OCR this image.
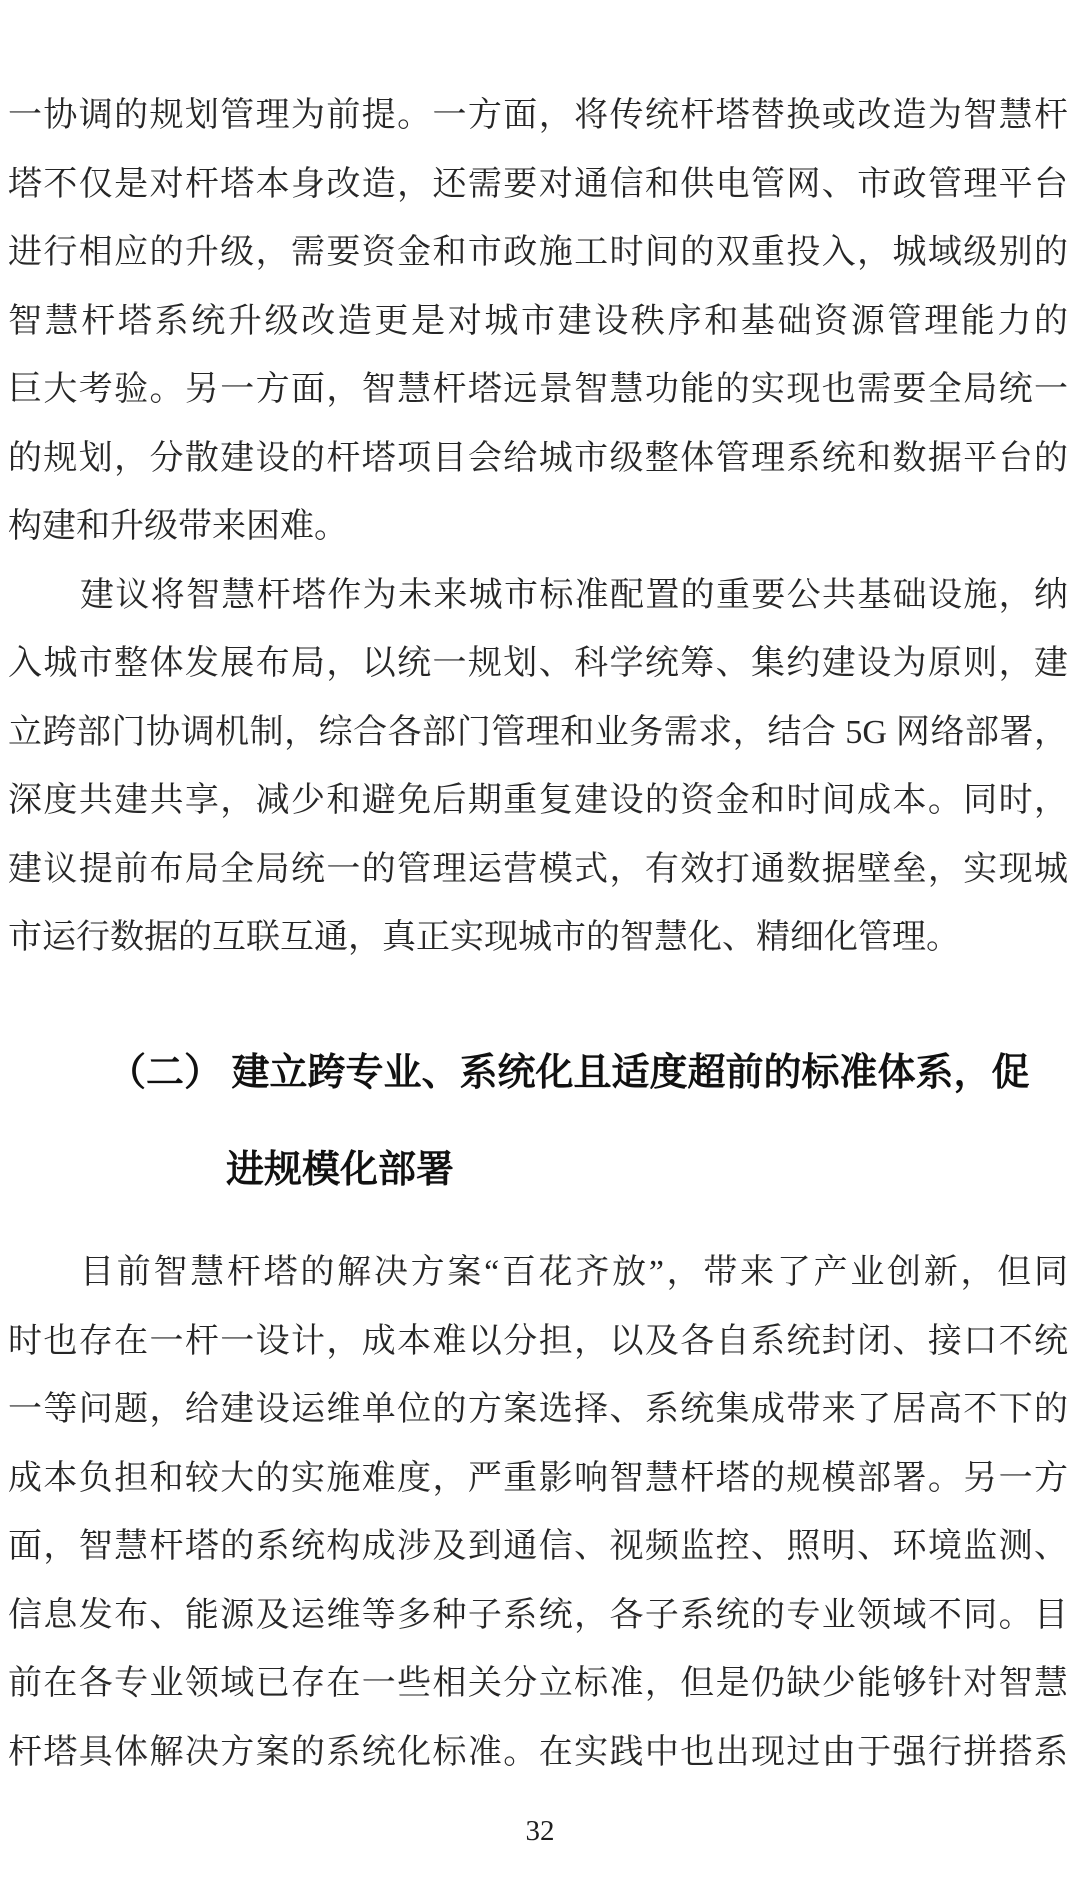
一协调的规划管理为前提。一方面，将传统杆塔替换或改造为智慧杆
塔不仅是对杆塔本身改造，还需要对通信和供电管网、市政管理平台
进行相应的升级，需要资金和市政施工时间的双重投入，城域级别的
智慧杆塔系统升级改造更是对城市建设秩序和基础资源管理能力的
巨大考验。另一方面，智慧杆塔远景智慧功能的实现也需要全局统一
的规划，分散建设的杆塔项目会给城市级整体管理系统和数据平台的
构建和升级带来困难。
建议将智慧杆塔作为未来城市标准配置的重要公共基础设施，纳
入城市整体发展布局，以统一规划、科学统筹、集约建设为原则，建
立跨部门协调机制，综合各部门管理和业务需求，结合 5G 网络部署，
深度共建共享，减少和避免后期重复建设的资金和时间成本。同时，
建议提前布局全局统一的管理运营模式，有效打通数据壁垒，实现城
市运行数据的互联互通，真正实现城市的智慧化、精细化管理。
（二） 建立跨专业、系统化且适度超前的标准体系，促
进规模化部署
目前智慧杆塔的解决方案“百花齐放”，带来了产业创新，但同
时也存在一杆一设计，成本难以分担，以及各自系统封闭、接口不统
一等问题，给建设运维单位的方案选择、系统集成带来了居高不下的
成本负担和较大的实施难度，严重影响智慧杆塔的规模部署。另一方
面，智慧杆塔的系统构成涉及到通信、视频监控、照明、环境监测、
信息发布、能源及运维等多种子系统，各子系统的专业领域不同。目
前在各专业领域已存在一些相关分立标准，但是仍缺少能够针对智慧
杆塔具体解决方案的系统化标准。在实践中也出现过由于强行拼搭系
32
